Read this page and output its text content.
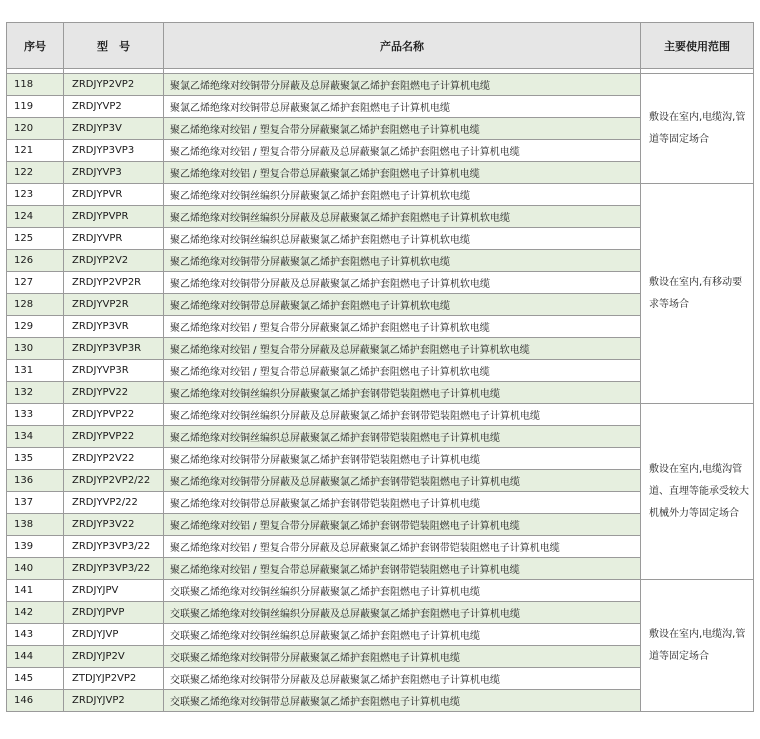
序号	型　号	产品名称	主要使用范围

118	ZRDJYP2VP2	聚氯乙烯绝缘对绞铜带分屏蔽及总屏蔽聚氯乙烯护套阻燃电子计算机电缆	敷设在室内,电缆沟,管道等固定场合
119	ZRDJYVP2	聚氯乙烯绝缘对绞铜带总屏蔽聚氯乙烯护套阻燃电子计算机电缆	
120	ZRDJYP3V	聚乙烯绝缘对绞铝 / 塑复合带分屏蔽聚氯乙烯护套阻燃电子计算机电缆	
121	ZRDJYP3VP3	聚乙烯绝缘对绞铝 / 塑复合带分屏蔽及总屏蔽聚氯乙烯护套阻燃电子计算机电缆	
122	ZRDJYVP3	聚乙烯绝缘对绞铝 / 塑复合带总屏蔽聚氯乙烯护套阻燃电子计算机电缆	
123	ZRDJYPVR	聚乙烯绝缘对绞铜丝编织分屏蔽聚氯乙烯护套阻燃电子计算机软电缆	敷设在室内,有移动要求等场合
124	ZRDJYPVPR	聚乙烯绝缘对绞铜丝编织分屏蔽及总屏蔽聚氯乙烯护套阻燃电子计算机软电缆	
125	ZRDJYVPR	聚乙烯绝缘对绞铜丝编织总屏蔽聚氯乙烯护套阻燃电子计算机软电缆	
126	ZRDJYP2V2	聚乙烯绝缘对绞铜带分屏蔽聚氯乙烯护套阻燃电子计算机软电缆	
127	ZRDJYP2VP2R	聚乙烯绝缘对绞铜带分屏蔽及总屏蔽聚氯乙烯护套阻燃电子计算机软电缆	
128	ZRDJYVP2R	聚乙烯绝缘对绞铜带总屏蔽聚氯乙烯护套阻燃电子计算机软电缆	
129	ZRDJYP3VR	聚乙烯绝缘对绞铝 / 塑复合带分屏蔽聚氯乙烯护套阻燃电子计算机软电缆	
130	ZRDJYP3VP3R	聚乙烯绝缘对绞铝 / 塑复合带分屏蔽及总屏蔽聚氯乙烯护套阻燃电子计算机软电缆	
131	ZRDJYVP3R	聚乙烯绝缘对绞铝 / 塑复合带总屏蔽聚氯乙烯护套阻燃电子计算机软电缆	
132	ZRDJYPV22	聚乙烯绝缘对绞铜丝编织分屏蔽聚氯乙烯护套钢带铠装阻燃电子计算机电缆	
133	ZRDJYPVP22	聚乙烯绝缘对绞铜丝编织分屏蔽及总屏蔽聚氯乙烯护套钢带铠装阻燃电子计算机电缆	敷设在室内,电缆沟管道、直埋等能承受较大机械外力等固定场合
134	ZRDJYPVP22	聚乙烯绝缘对绞铜丝编织总屏蔽聚氯乙烯护套钢带铠装阻燃电子计算机电缆	
135	ZRDJYP2V22	聚乙烯绝缘对绞铜带分屏蔽聚氯乙烯护套钢带铠装阻燃电子计算机电缆	
136	ZRDJYP2VP2/22	聚乙烯绝缘对绞铜带分屏蔽及总屏蔽聚氯乙烯护套钢带铠装阻燃电子计算机电缆	
137	ZRDJYVP2/22	聚乙烯绝缘对绞铜带总屏蔽聚氯乙烯护套钢带铠装阻燃电子计算机电缆	
138	ZRDJYP3V22	聚乙烯绝缘对绞铝 / 塑复合带分屏蔽聚氯乙烯护套钢带铠装阻燃电子计算机电缆	
139	ZRDJYP3VP3/22	聚乙烯绝缘对绞铝 / 塑复合带分屏蔽及总屏蔽聚氯乙烯护套钢带铠装阻燃电子计算机电缆	
140	ZRDJYP3VP3/22	聚乙烯绝缘对绞铝 / 塑复合带总屏蔽聚氯乙烯护套钢带铠装阻燃电子计算机电缆	
141	ZRDJYJPV	交联聚乙烯绝缘对绞铜丝编织分屏蔽聚氯乙烯护套阻燃电子计算机电缆	敷设在室内,电缆沟,管道等固定场合
142	ZRDJYJPVP	交联聚乙烯绝缘对绞铜丝编织分屏蔽及总屏蔽聚氯乙烯护套阻燃电子计算机电缆	
143	ZRDJYJVP	交联聚乙烯绝缘对绞铜丝编织总屏蔽聚氯乙烯护套阻燃电子计算机电缆	
144	ZRDJYJP2V	交联聚乙烯绝缘对绞铜带分屏蔽聚氯乙烯护套阻燃电子计算机电缆	
145	ZTDJYJP2VP2	交联聚乙烯绝缘对绞铜带分屏蔽及总屏蔽聚氯乙烯护套阻燃电子计算机电缆	
146	ZRDJYJVP2	交联聚乙烯绝缘对绞铜带总屏蔽聚氯乙烯护套阻燃电子计算机电缆	
